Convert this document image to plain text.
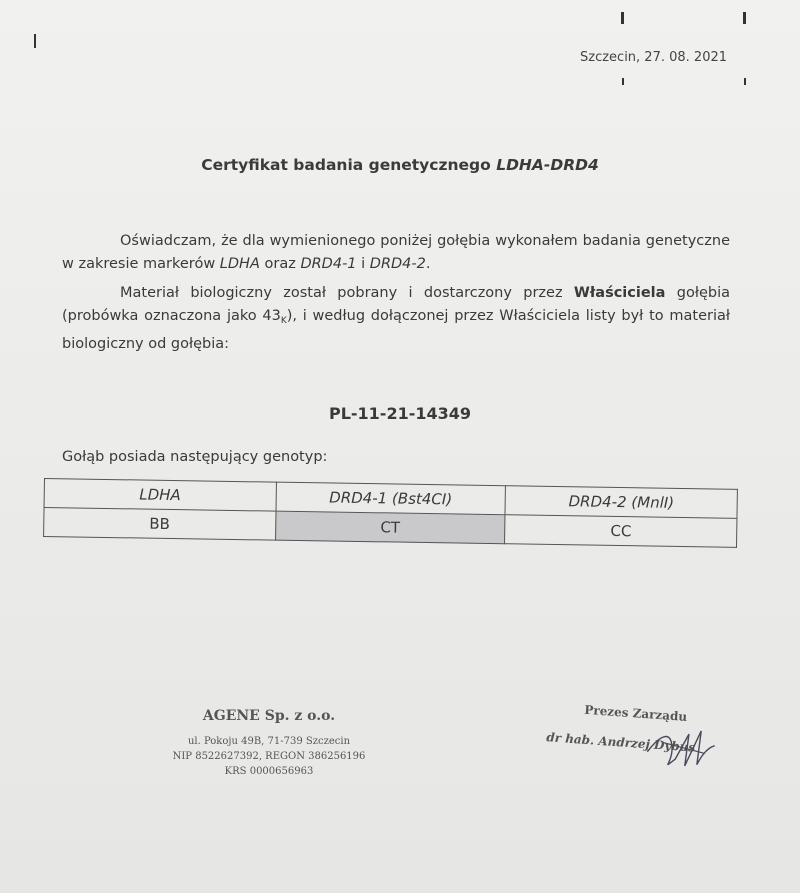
Szczecin, 27. 08. 2021
Certyfikat badania genetycznego LDHA-DRD4
Oświadczam, że dla wymienionego poniżej gołębia wykonałem badania genetyczne w zakresie markerów LDHA oraz DRD4-1 i DRD4-2.
Materiał biologiczny został pobrany i dostarczony przez Właściciela gołębia (probówka oznaczona jako $43_K$), i według dołączonej przez Właściciela listy był to materiał biologiczny od gołębia:
PL-11-21-14349
Gołąb posiada następujący genotyp:
LDHA	DRD4-1 (Bst4CI)	DRD4-2 (MnlI)
BB	CT	CC
AGENE Sp. z o.o.
ul. Pokoju 49B, 71-739 Szczecin
NIP 8522627392, REGON 386256196
KRS 0000656963
Prezes Zarządu
dr hab. Andrzej Dybus
